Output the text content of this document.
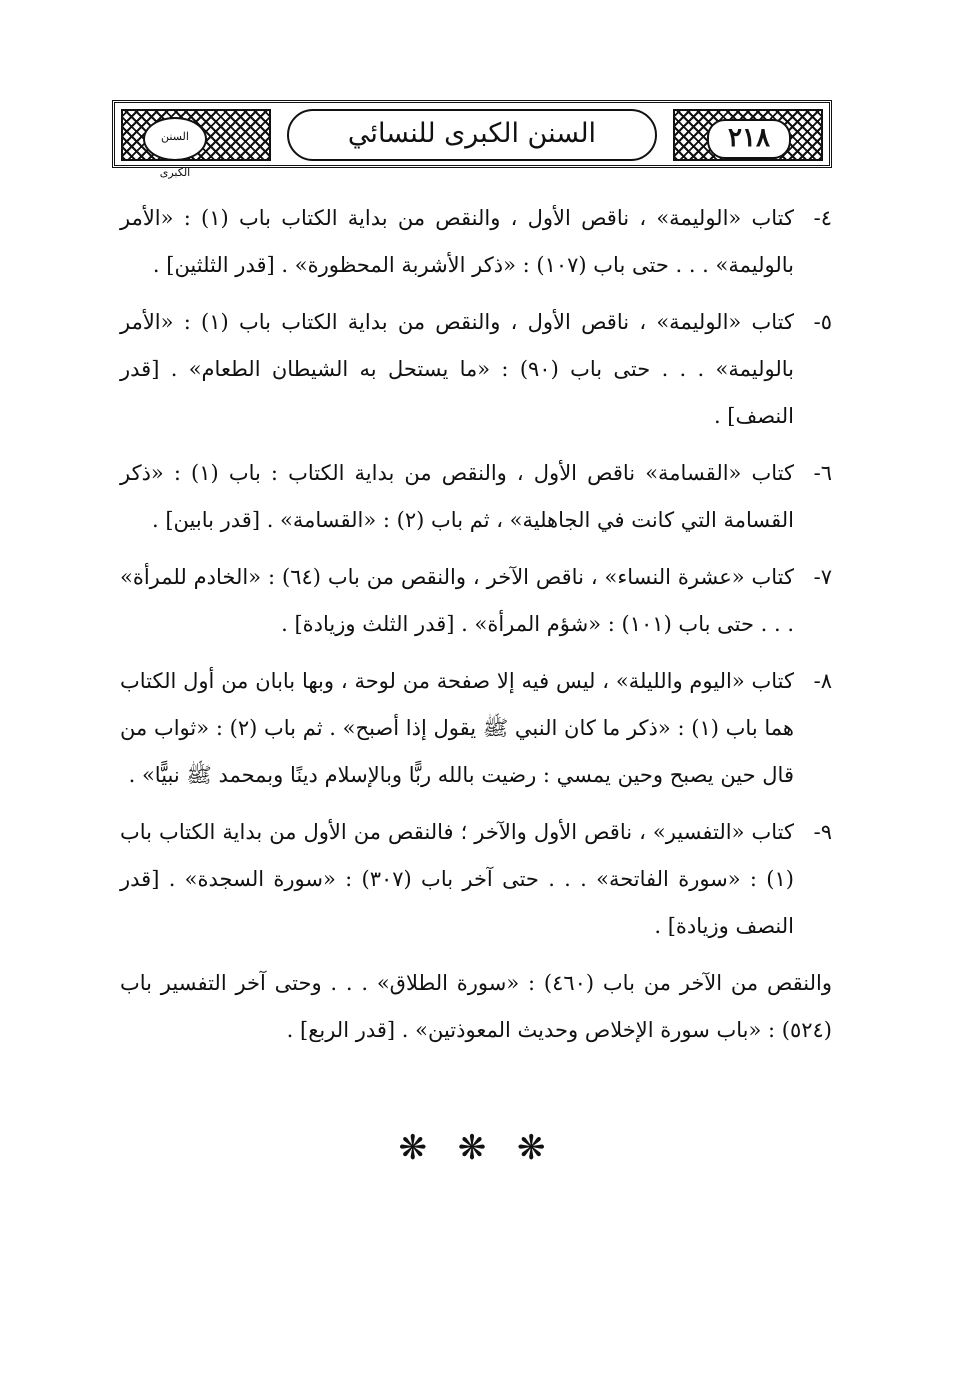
السنن الكبرى
٢١٨
السنن الكبرى للنسائي
٤-
كتاب «الوليمة» ، ناقص الأول ، والنقص من بداية الكتاب باب (١) : «الأمر بالوليمة» . . . حتى باب (١٠٧) : «ذكر الأشربة المحظورة» . [قدر الثلثين] .
٥-
كتاب «الوليمة» ، ناقص الأول ، والنقص من بداية الكتاب باب (١) : «الأمر بالوليمة» . . . حتى باب (٩٠) : «ما يستحل به الشيطان الطعام» . [قدر النصف] .
٦-
كتاب «القسامة» ناقص الأول ، والنقص من بداية الكتاب : باب (١) : «ذكر القسامة التي كانت في الجاهلية» ، ثم باب (٢) : «القسامة» . [قدر بابين] .
٧-
كتاب «عشرة النساء» ، ناقص الآخر ، والنقص من باب (٦٤) : «الخادم للمرأة» . . . حتى باب (١٠١) : «شؤم المرأة» . [قدر الثلث وزيادة] .
٨-
كتاب «اليوم والليلة» ، ليس فيه إلا صفحة من لوحة ، وبها بابان من أول الكتاب هما باب (١) : «ذكر ما كان النبي ﷺ يقول إذا أصبح» . ثم باب (٢) : «ثواب من قال حين يصبح وحين يمسي : رضيت بالله ربًّا وبالإسلام دينًا وبمحمد ﷺ نبيًّا» .
٩-
كتاب «التفسير» ، ناقص الأول والآخر ؛ فالنقص من الأول من بداية الكتاب باب (١) : «سورة الفاتحة» . . . حتى آخر باب (٣٠٧) : «سورة السجدة» . [قدر النصف وزيادة] .
والنقص من الآخر من باب (٤٦٠) : «سورة الطلاق» . . . وحتى آخر التفسير باب (٥٢٤) : «باب سورة الإخلاص وحديث المعوذتين» . [قدر الربع] .
❋ ❋ ❋
